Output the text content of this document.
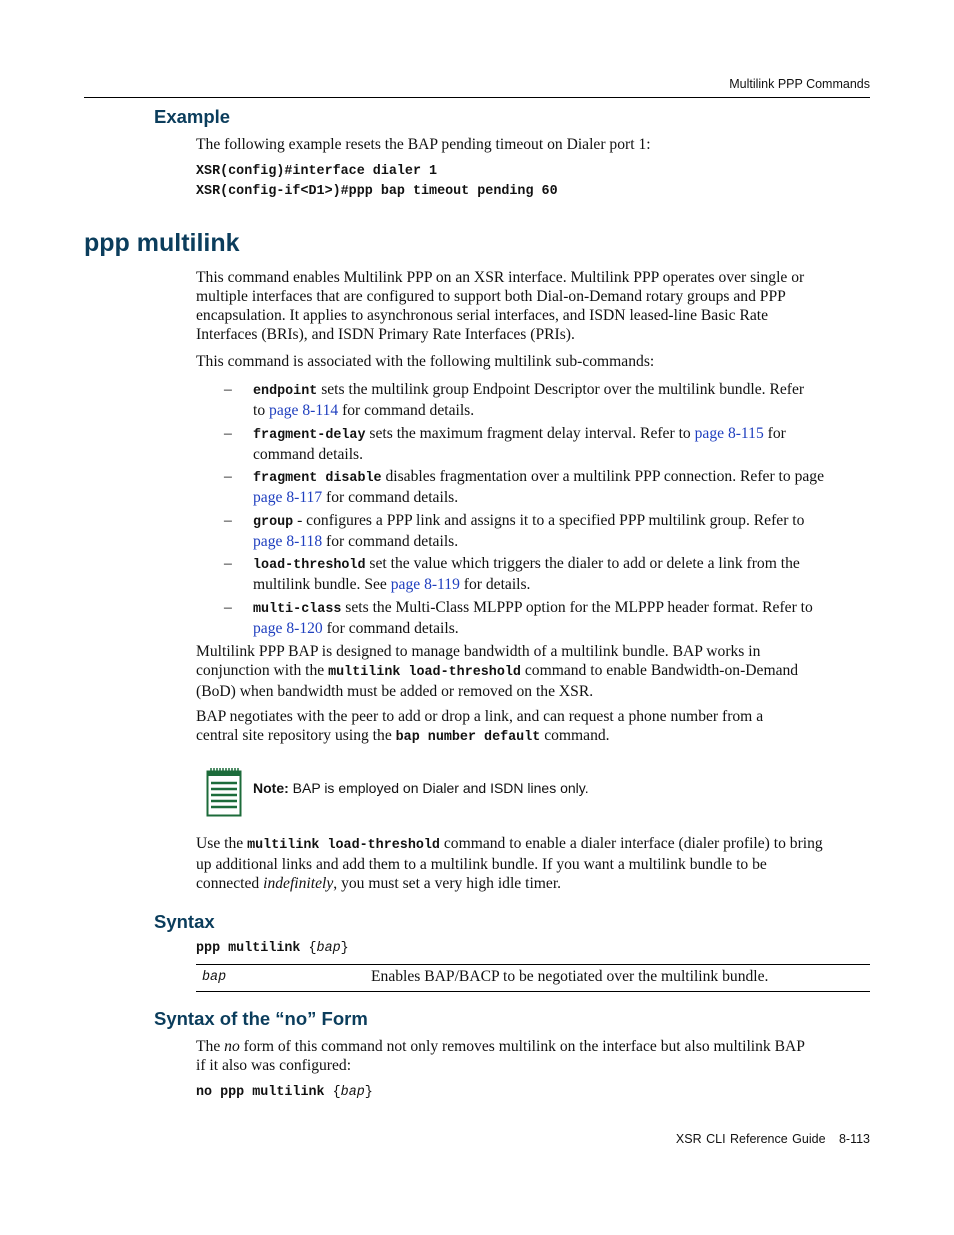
Multilink PPP Commands
Example
The following example resets the BAP pending timeout on Dialer port 1:
XSR(config)#interface dialer 1
XSR(config-if<D1>)#ppp bap timeout pending 60
ppp multilink
This command enables Multilink PPP on an XSR interface. Multilink PPP operates over single or
multiple interfaces that are configured to support both Dial-on-Demand rotary groups and PPP
encapsulation. It applies to asynchronous serial interfaces, and ISDN leased-line Basic Rate
Interfaces (BRIs), and ISDN Primary Rate Interfaces (PRIs).
This command is associated with the following multilink sub-commands:
–	endpoint sets the multilink group Endpoint Descriptor over the multilink bundle. Refer
to page 8-114 for command details.
–	fragment-delay sets the maximum fragment delay interval. Refer to page 8-115 for
command details.
–	fragment disable disables fragmentation over a multilink PPP connection. Refer to page
page 8-117 for command details.
–	group - configures a PPP link and assigns it to a specified PPP multilink group. Refer to
page 8-118 for command details.
–	load-threshold set the value which triggers the dialer to add or delete a link from the
multilink bundle. See page 8-119 for details.
–	multi-class sets the Multi-Class MLPPP option for the MLPPP header format. Refer to
page 8-120 for command details.
Multilink PPP BAP is designed to manage bandwidth of a multilink bundle. BAP works in
conjunction with the multilink load-threshold command to enable Bandwidth-on-Demand
(BoD) when bandwidth must be added or removed on the XSR.
BAP negotiates with the peer to add or drop a link, and can request a phone number from a
central site repository using the bap number default command.
Note: BAP is employed on Dialer and ISDN lines only.
Use the multilink load-threshold command to enable a dialer interface (dialer profile) to bring
up additional links and add them to a multilink bundle. If you want a multilink bundle to be
connected indefinitely, you must set a very high idle timer.
Syntax
ppp multilink {bap}
bap	Enables BAP/BACP to be negotiated over the multilink bundle.
Syntax of the “no” Form
The no form of this command not only removes multilink on the interface but also multilink BAP
if it also was configured:
no ppp multilink {bap}
XSR CLI Reference Guide 8-113
